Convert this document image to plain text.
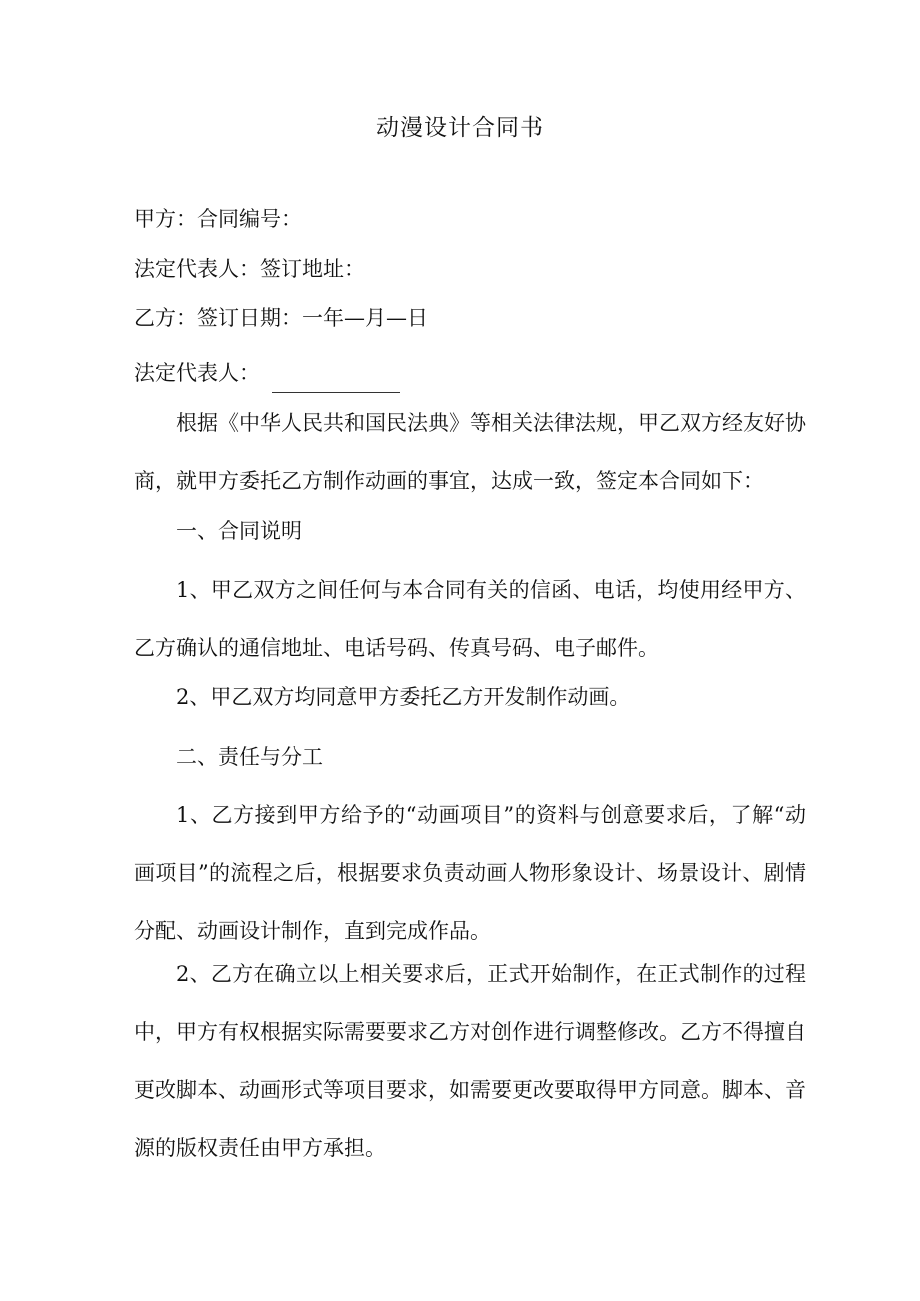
动漫设计合同书
甲方：合同编号：
法定代表人：签订地址：
乙方：签订日期：一年—月—日
法定代表人：
根据《中华人民共和国民法典》等相关法律法规，甲乙双方经友好协商，就甲方委托乙方制作动画的事宜，达成一致，签定本合同如下：
一、合同说明
1、甲乙双方之间任何与本合同有关的信函、电话，均使用经甲方、乙方确认的通信地址、电话号码、传真号码、电子邮件。
2、甲乙双方均同意甲方委托乙方开发制作动画。
二、责任与分工
1、乙方接到甲方给予的“动画项目”的资料与创意要求后，了解“动画项目”的流程之后，根据要求负责动画人物形象设计、场景设计、剧情分配、动画设计制作，直到完成作品。
2、乙方在确立以上相关要求后，正式开始制作，在正式制作的过程中，甲方有权根据实际需要要求乙方对创作进行调整修改。乙方不得擅自更改脚本、动画形式等项目要求，如需要更改要取得甲方同意。脚本、音源的版权责任由甲方承担。
